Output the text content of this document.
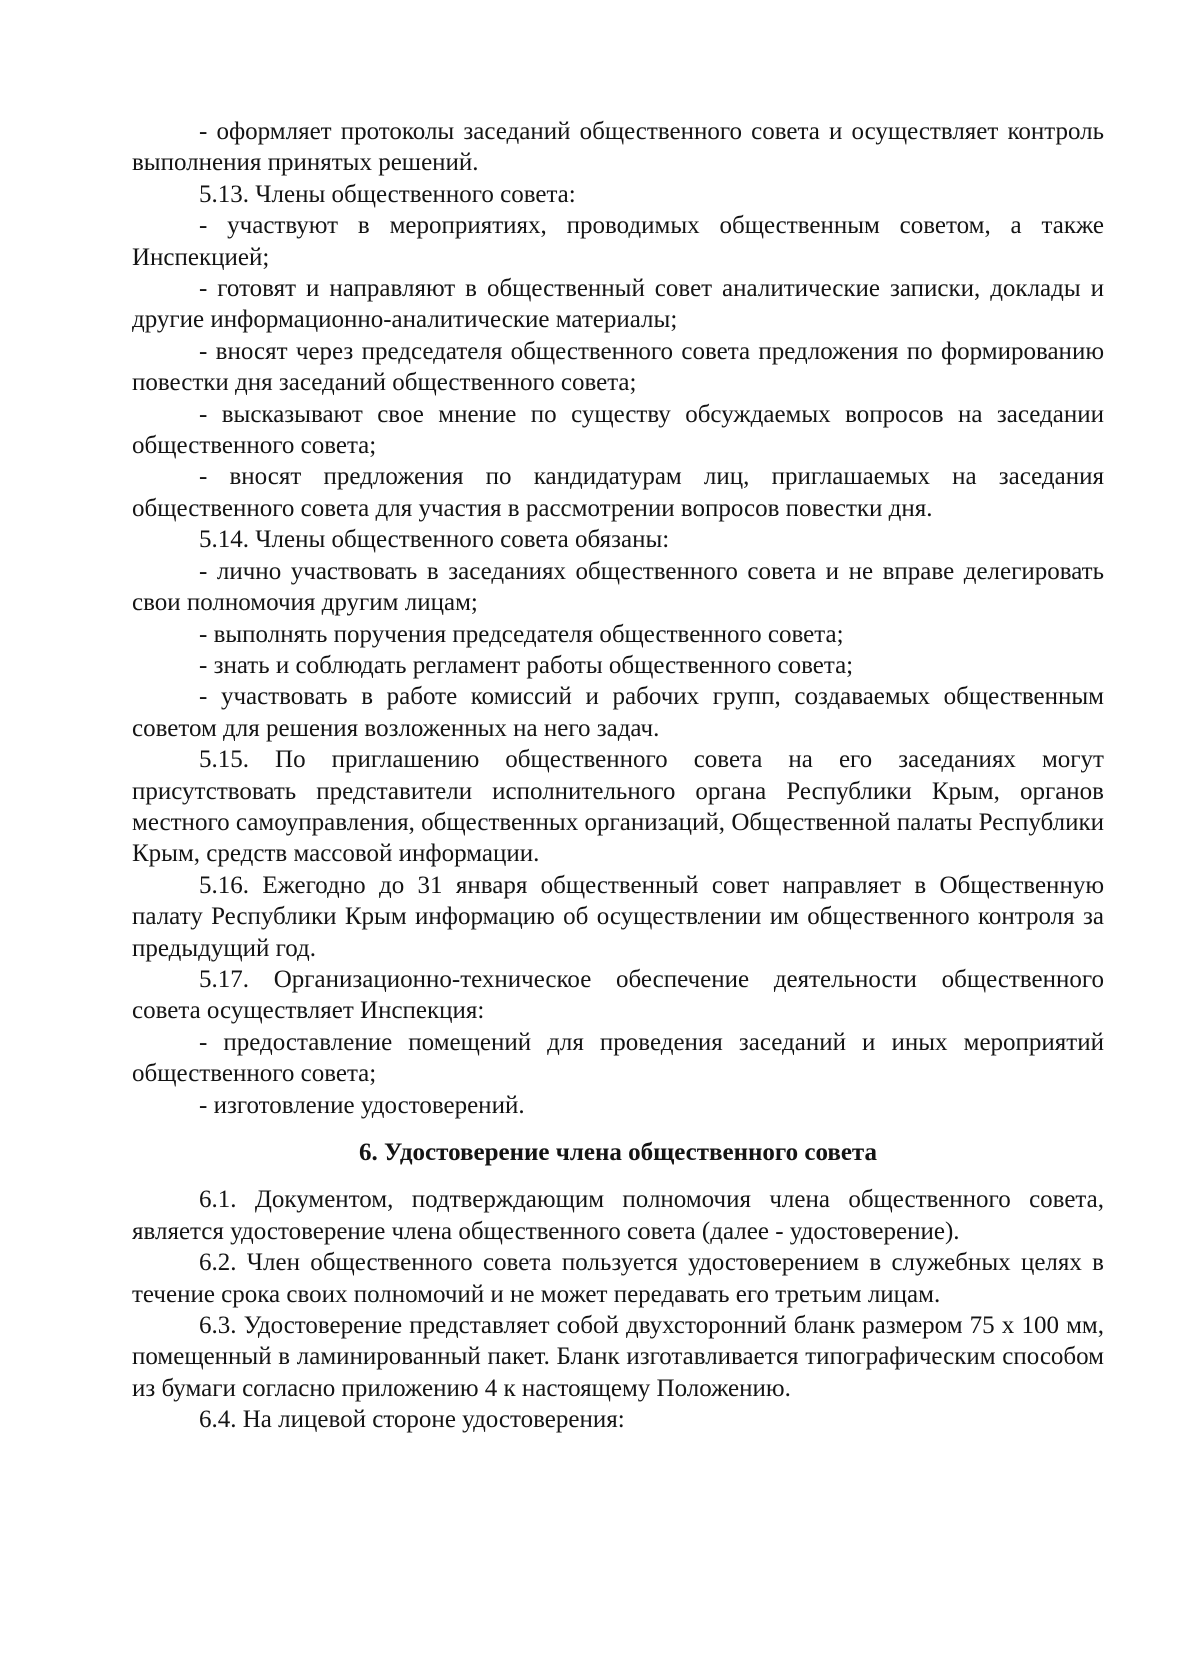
- оформляет протоколы заседаний общественного совета и осуществляет контроль выполнения принятых решений.

5.13. Члены общественного совета:

- участвуют в мероприятиях, проводимых общественным советом, а также Инспекцией;

- готовят и направляют в общественный совет аналитические записки, доклады и другие информационно-аналитические материалы;

- вносят через председателя общественного совета предложения по формированию повестки дня заседаний общественного совета;

- высказывают свое мнение по существу обсуждаемых вопросов на заседании общественного совета;

- вносят предложения по кандидатурам лиц, приглашаемых на заседания общественного совета для участия в рассмотрении вопросов повестки дня.

5.14. Члены общественного совета обязаны:

- лично участвовать в заседаниях общественного совета и не вправе делегировать свои полномочия другим лицам;

- выполнять поручения председателя общественного совета;

- знать и соблюдать регламент работы общественного совета;

- участвовать в работе комиссий и рабочих групп, создаваемых общественным советом для решения возложенных на него задач.

5.15. По приглашению общественного совета на его заседаниях могут присутствовать представители исполнительного органа Республики Крым, органов местного самоуправления, общественных организаций, Общественной палаты Республики Крым, средств массовой информации.

5.16. Ежегодно до 31 января общественный совет направляет в Общественную палату Республики Крым информацию об осуществлении им общественного контроля за предыдущий год.

5.17. Организационно-техническое обеспечение деятельности общественного совета осуществляет Инспекция:

- предоставление помещений для проведения заседаний и иных мероприятий общественного совета;

- изготовление удостоверений.

6. Удостоверение члена общественного совета

6.1. Документом, подтверждающим полномочия члена общественного совета, является удостоверение члена общественного совета (далее - удостоверение).

6.2. Член общественного совета пользуется удостоверением в служебных целях в течение срока своих полномочий и не может передавать его третьим лицам.

6.3. Удостоверение представляет собой двухсторонний бланк размером 75 х 100 мм, помещенный в ламинированный пакет. Бланк изготавливается типографическим способом из бумаги согласно приложению 4 к настоящему Положению.

6.4. На лицевой стороне удостоверения:
